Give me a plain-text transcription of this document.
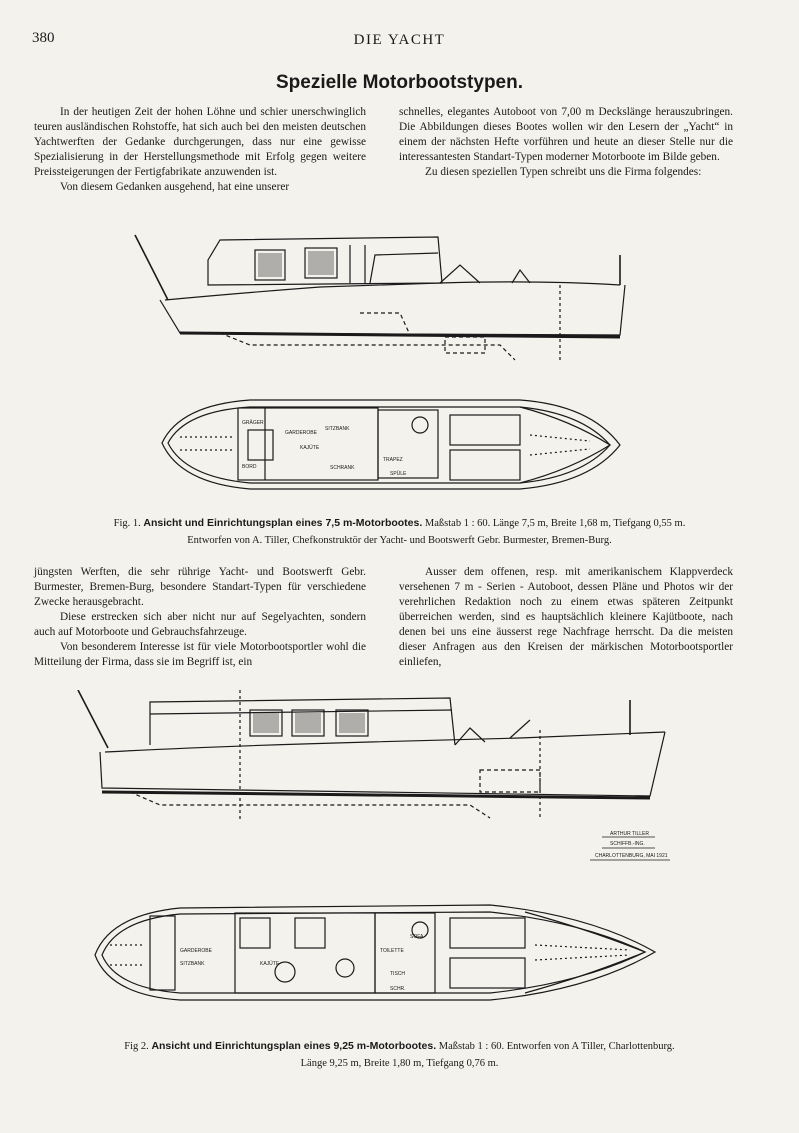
380	DIE YACHT
Spezielle Motorbootstypen.

In der heutigen Zeit der hohen Löhne und schier unerschwinglich teuren ausländischen Rohstoffe, hat sich auch bei den meisten deutschen Yachtwerften der Gedanke durchgerungen, dass nur eine gewisse Spezialisierung in der Herstellungsmethode mit Erfolg gegen weitere Preissteigerungen der Fertigfabrikate anzuwenden ist.

Von diesem Gedanken ausgehend, hat eine unserer

schnelles, elegantes Autoboot von 7,00 m Deckslänge herauszubringen. Die Abbildungen dieses Bootes wollen wir den Lesern der „Yacht“ in einem der nächsten Hefte vorführen und heute an dieser Stelle nur die interessantesten Standart-Typen moderner Motorboote im Bilde geben.

Zu diesen speziellen Typen schreibt uns die Firma folgendes:

KAJÜTE
GRÄGER
TRAPEZ
SCHRANK
SPÜLE
GARDEROBE
SITZBANK
BORD
Fig. 1. Ansicht und Einrichtungsplan eines 7,5 m-Motorbootes. Maßstab 1 : 60. Länge 7,5 m, Breite 1,68 m, Tiefgang 0,55 m.
Entworfen von A. Tiller, Chefkonstruktör der Yacht- und Bootswerft Gebr. Burmester, Bremen-Burg.

jüngsten Werften, die sehr rührige Yacht- und Bootswerft Gebr. Burmester, Bremen-Burg, besondere Standart-Typen für verschiedene Zwecke herausgebracht.

Diese erstrecken sich aber nicht nur auf Segelyachten, sondern auch auf Motorboote und Gebrauchsfahrzeuge.

Von besonderem Interesse ist für viele Motorbootsportler wohl die Mitteilung der Firma, dass sie im Begriff ist, ein

Ausser dem offenen, resp. mit amerikanischem Klappverdeck versehenen 7 m - Serien - Autoboot, dessen Pläne und Photos wir der verehrlichen Redaktion noch zu einem etwas späteren Zeitpunkt überreichen werden, sind es hauptsächlich kleinere Kajütboote, nach denen bei uns eine äusserst rege Nachfrage herrscht. Da die meisten dieser Anfragen aus den Kreisen der märkischen Motorbootsportler einliefen,

KAJÜTE
GARDEROBE
SITZBANK
TOILETTE
SOFA
TISCH
SCHR.
ARTHUR TILLER
SCHIFFB.-ING.
CHARLOTTENBURG, MAI 1921
Fig 2. Ansicht und Einrichtungsplan eines 9,25 m-Motorbootes. Maßstab 1 : 60. Entworfen von A Tiller, Charlottenburg.
Länge 9,25 m, Breite 1,80 m, Tiefgang 0,76 m.
